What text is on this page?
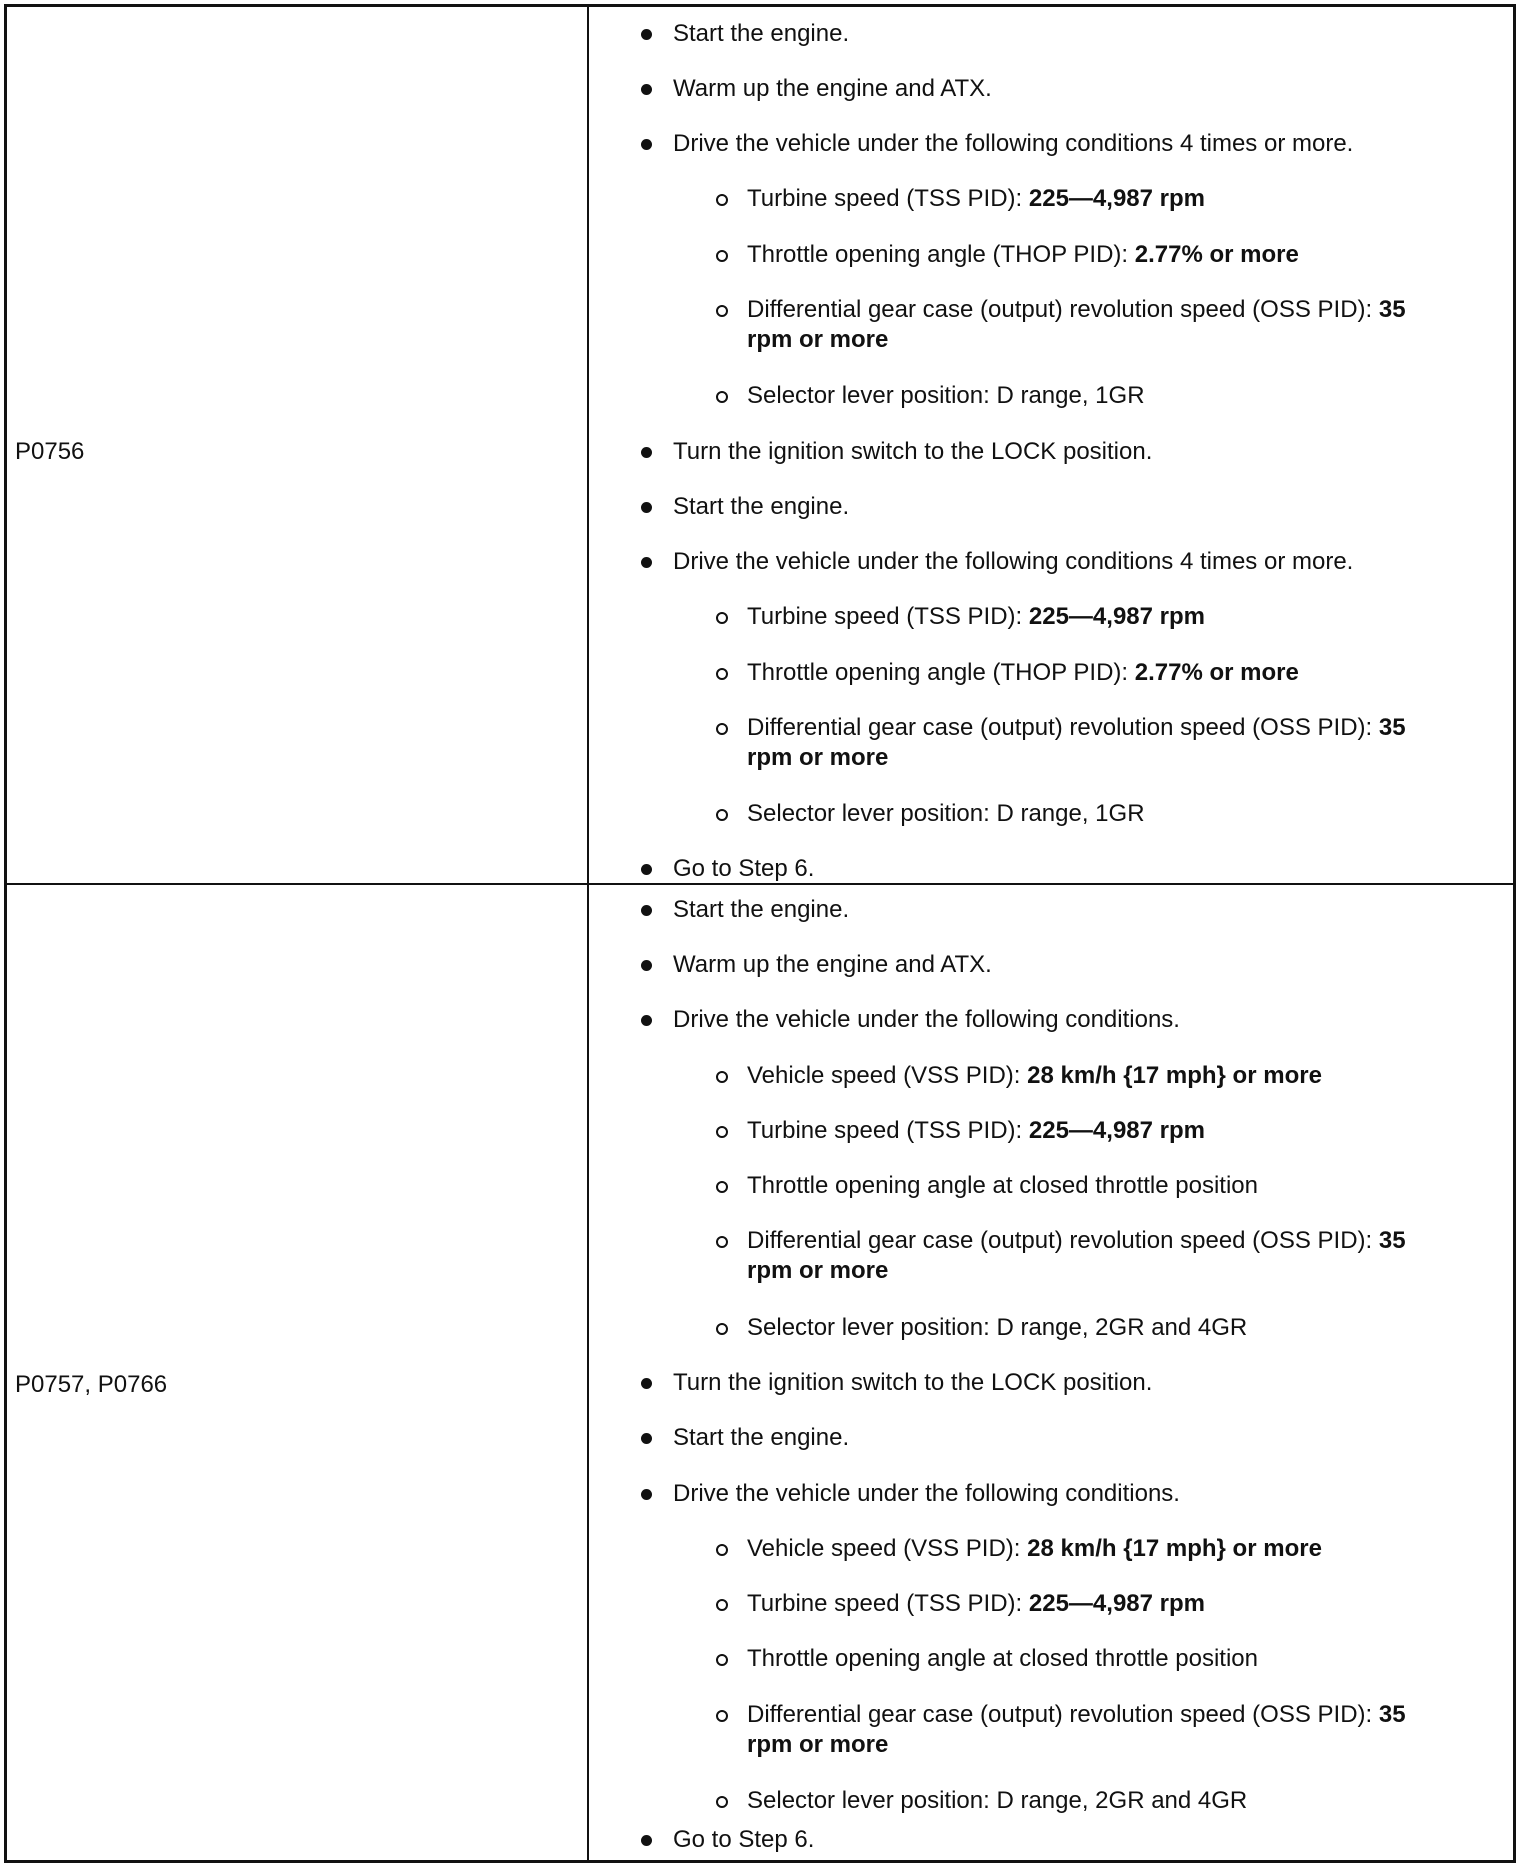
P0756
Start the engine.
Warm up the engine and ATX.
Drive the vehicle under the following conditions 4 times or more.
Turbine speed (TSS PID): 225—4,987 rpm
Throttle opening angle (THOP PID): 2.77% or more
Differential gear case (output) revolution speed (OSS PID): 35 rpm or more
Selector lever position: D range, 1GR
Turn the ignition switch to the LOCK position.
Start the engine.
Drive the vehicle under the following conditions 4 times or more.
Turbine speed (TSS PID): 225—4,987 rpm
Throttle opening angle (THOP PID): 2.77% or more
Differential gear case (output) revolution speed (OSS PID): 35 rpm or more
Selector lever position: D range, 1GR
Go to Step 6.
P0757, P0766
Start the engine.
Warm up the engine and ATX.
Drive the vehicle under the following conditions.
Vehicle speed (VSS PID): 28 km/h {17 mph} or more
Turbine speed (TSS PID): 225—4,987 rpm
Throttle opening angle at closed throttle position
Differential gear case (output) revolution speed (OSS PID): 35 rpm or more
Selector lever position: D range, 2GR and 4GR
Turn the ignition switch to the LOCK position.
Start the engine.
Drive the vehicle under the following conditions.
Vehicle speed (VSS PID): 28 km/h {17 mph} or more
Turbine speed (TSS PID): 225—4,987 rpm
Throttle opening angle at closed throttle position
Differential gear case (output) revolution speed (OSS PID): 35 rpm or more
Selector lever position: D range, 2GR and 4GR
Go to Step 6.
